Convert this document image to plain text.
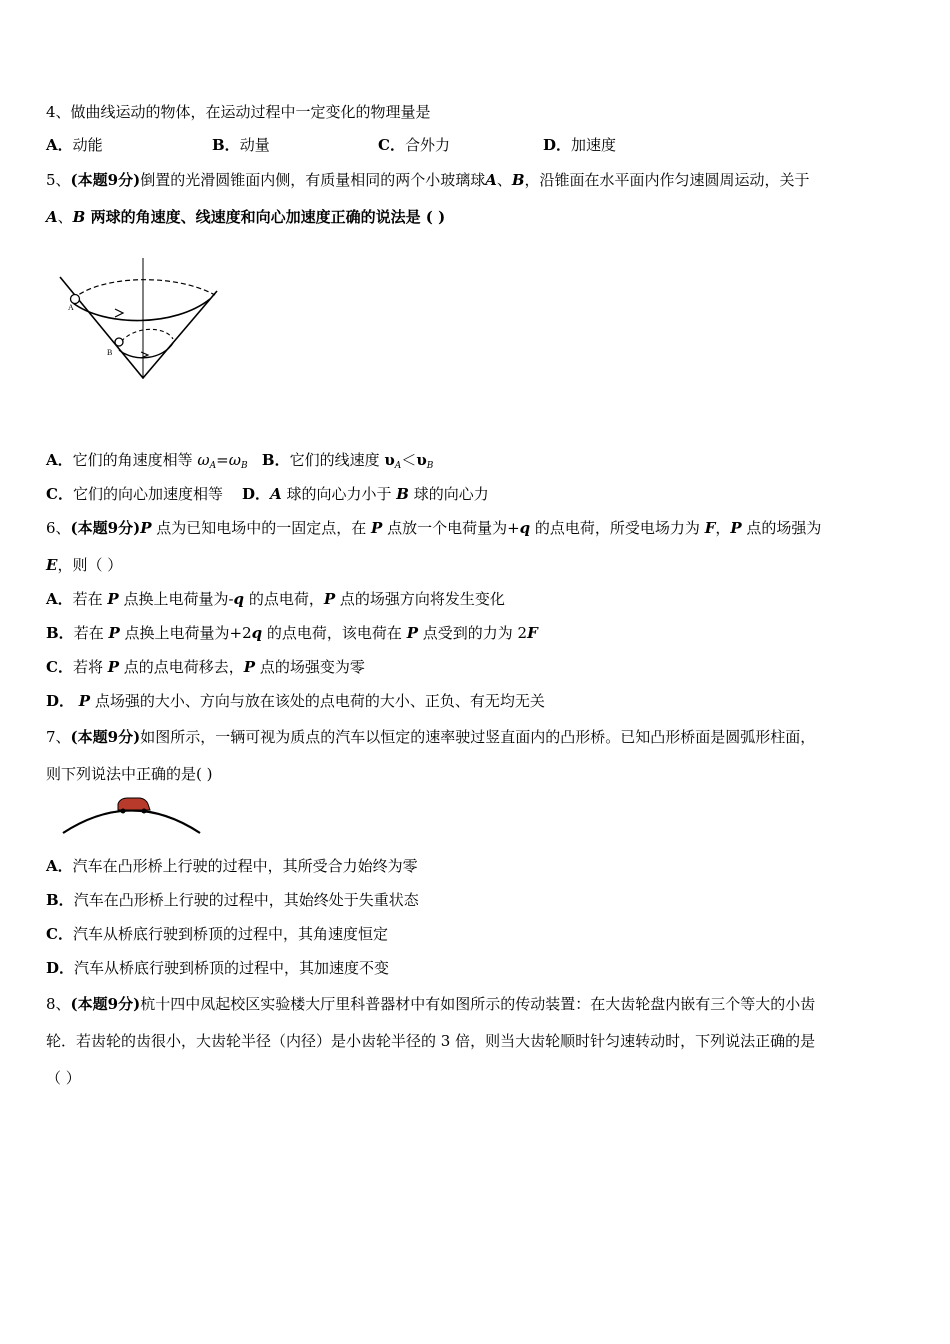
4、做曲线运动的物体，在运动过程中一定变化的物理量是
A．动能	B．动量	C．合外力	D．加速度
5、(本题9分)倒置的光滑圆锥面内侧，有质量相同的两个小玻璃球A、B，沿锥面在水平面内作匀速圆周运动，关于
A、B 两球的角速度、线速度和向心加速度正确的说法是 ( )
A
B
A．它们的角速度相等 $\omega_A=\omega_B$ B．它们的线速度 $\upsilon_A<\upsilon_B$
C．它们的向心加速度相等 D．A 球的向心力小于 B 球的向心力
6、(本题9分)P 点为已知电场中的一固定点，在 P 点放一个电荷量为+q 的点电荷，所受电场力为 F，P 点的场强为
E，则（ ）
A．若在 P 点换上电荷量为-q 的点电荷，P 点的场强方向将发生变化
B．若在 P 点换上电荷量为+2q 的点电荷，该电荷在 P 点受到的力为 2F
C．若将 P 点的点电荷移去，P 点的场强变为零
D． P 点场强的大小、方向与放在该处的点电荷的大小、正负、有无均无关
7、(本题9分)如图所示，一辆可视为质点的汽车以恒定的速率驶过竖直面内的凸形桥。已知凸形桥面是圆弧形柱面，
则下列说法中正确的是( )
A．汽车在凸形桥上行驶的过程中，其所受合力始终为零
B．汽车在凸形桥上行驶的过程中，其始终处于失重状态
C．汽车从桥底行驶到桥顶的过程中，其角速度恒定
D．汽车从桥底行驶到桥顶的过程中，其加速度不变
8、(本题9分)杭十四中凤起校区实验楼大厅里科普器材中有如图所示的传动装置：在大齿轮盘内嵌有三个等大的小齿
轮．若齿轮的齿很小，大齿轮半径（内径）是小齿轮半径的 3 倍，则当大齿轮顺时针匀速转动时，下列说法正确的是
（ ）
